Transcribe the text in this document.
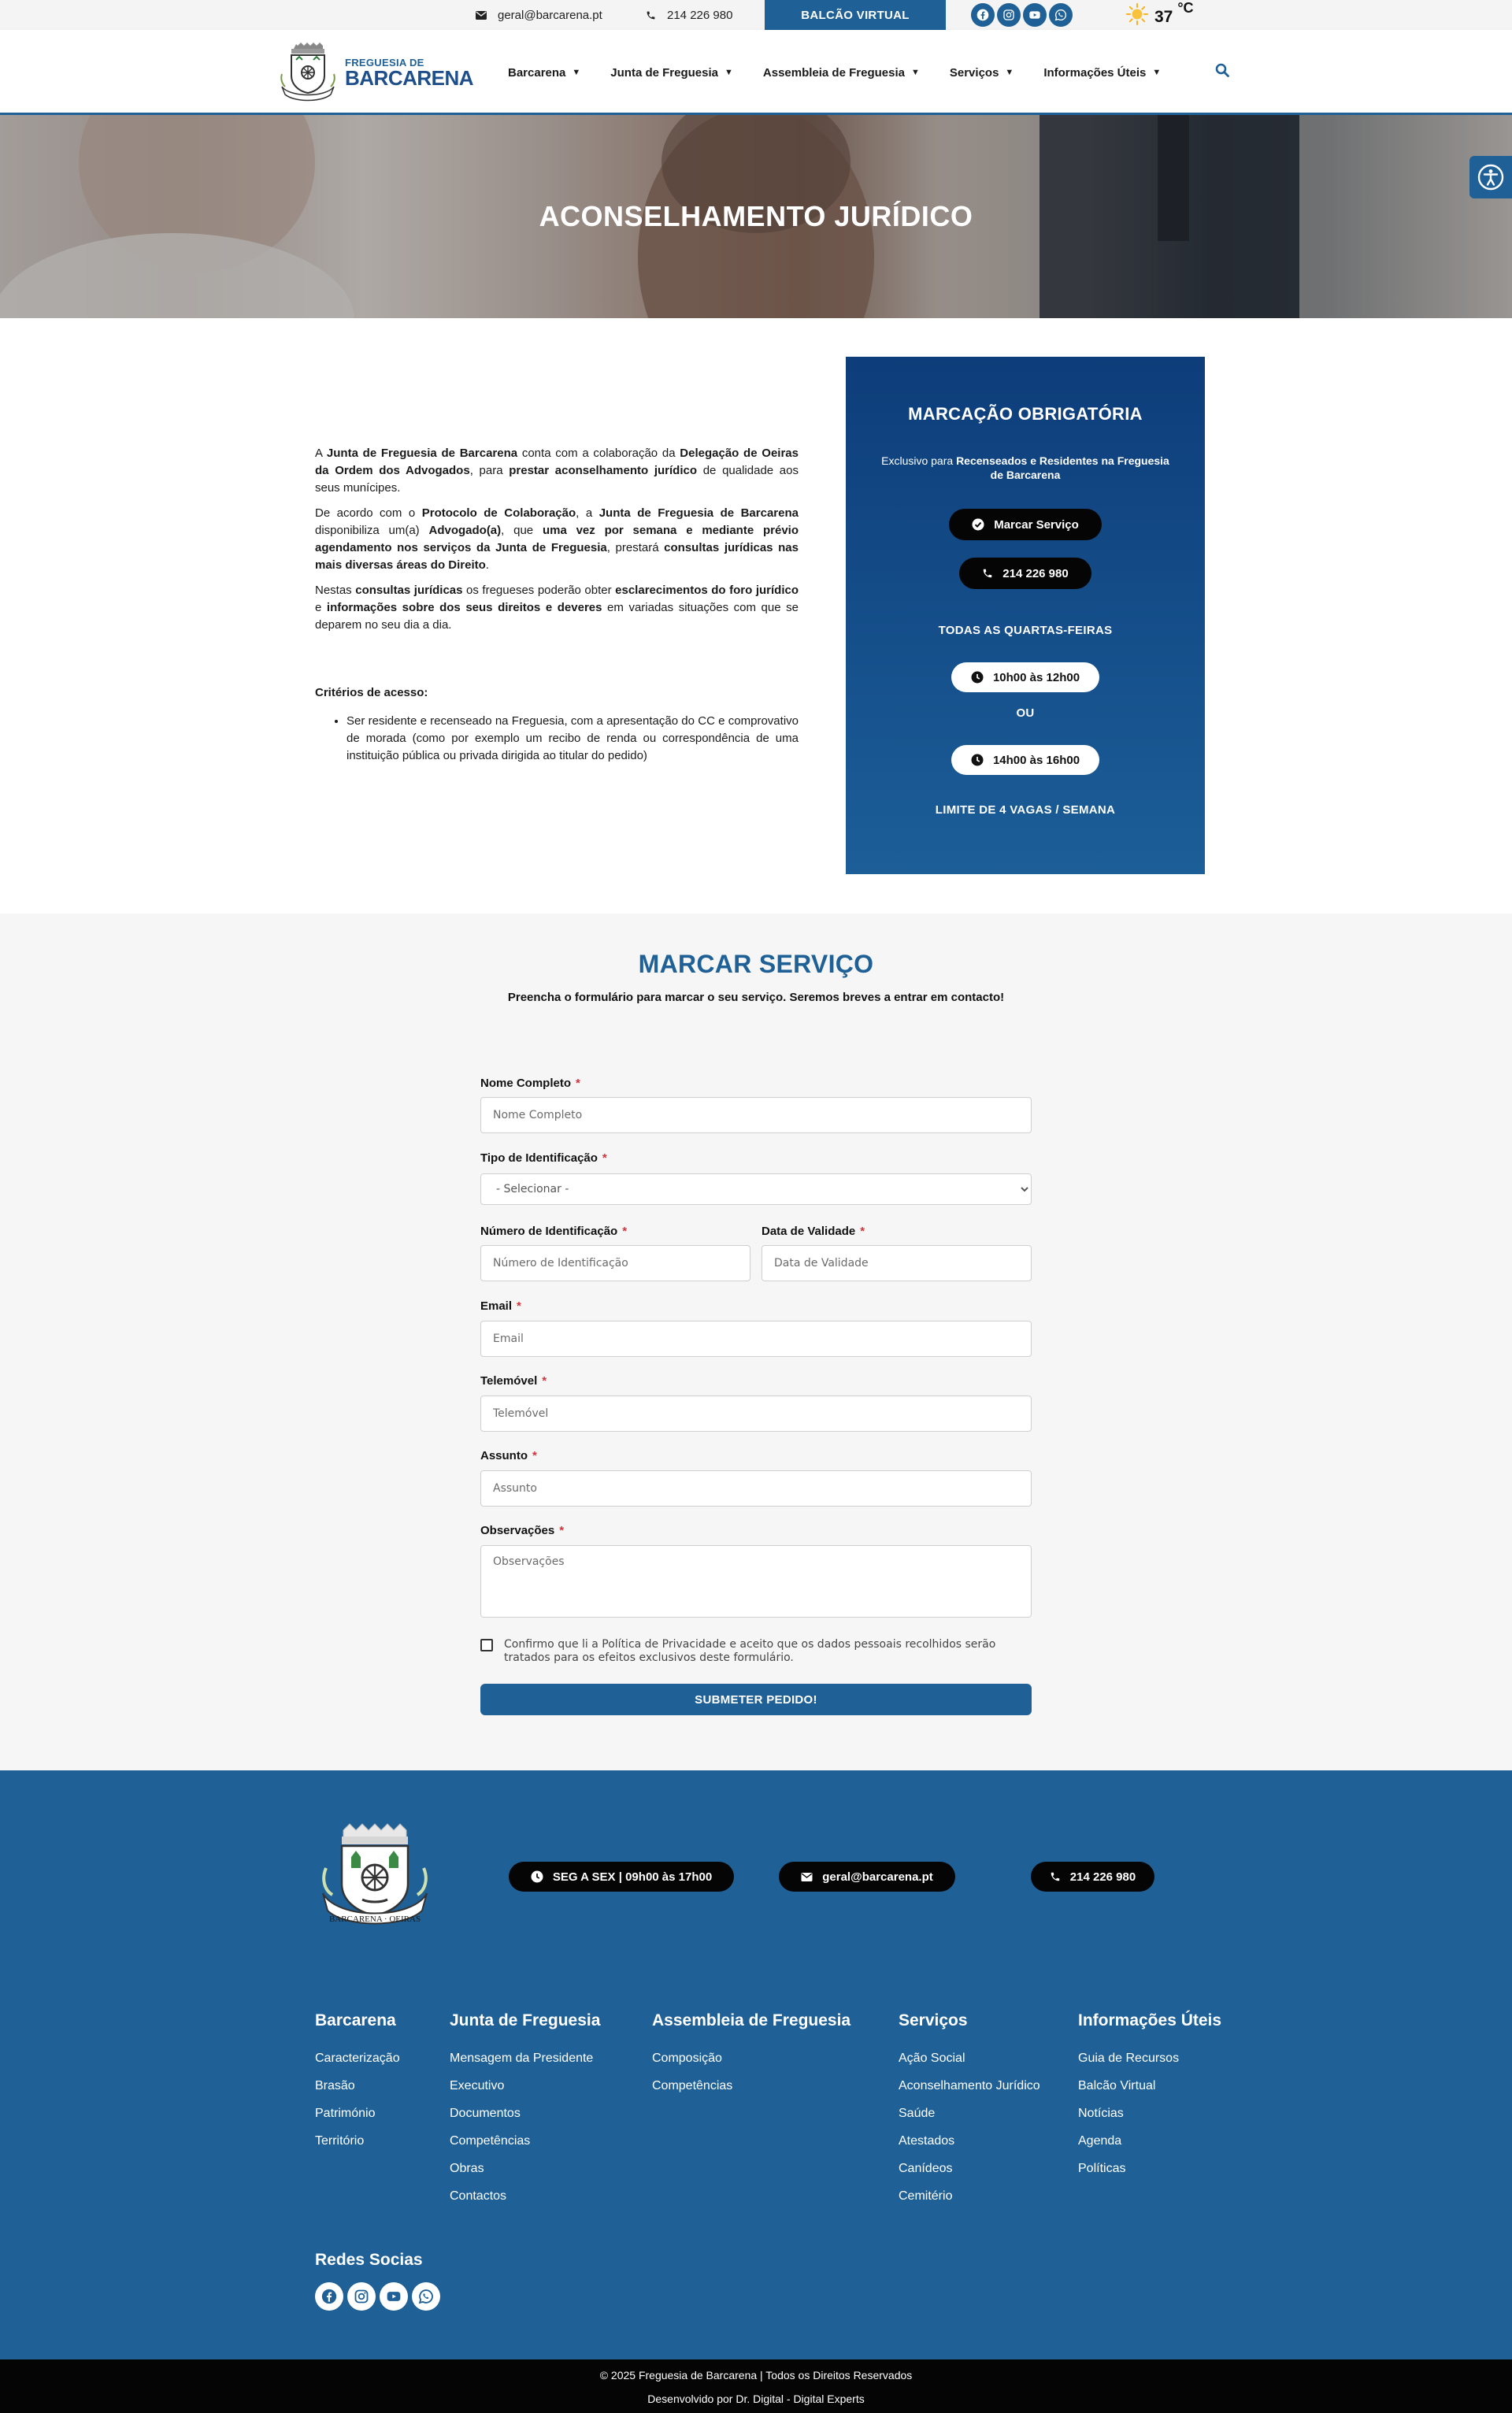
geral@barcarena.pt	214 226 980	BALCÃO VIRTUAL	37 °C
FREGUESIA DE
BARCARENA	Barcarena ▼	Junta de Freguesia ▼	Assembleia de Freguesia ▼	Serviços ▼	Informações Úteis ▼
ACONSELHAMENTO JURÍDICO

A Junta de Freguesia de Barcarena conta com a colaboração da Delegação de Oeiras da Ordem dos Advogados, para prestar aconselhamento jurídico de qualidade aos seus munícipes.

De acordo com o Protocolo de Colaboração, a Junta de Freguesia de Barcarena disponibiliza um(a) Advogado(a), que uma vez por semana e mediante prévio agendamento nos serviços da Junta de Freguesia, prestará consultas jurídicas nas mais diversas áreas do Direito.

Nestas consultas jurídicas os fregueses poderão obter esclarecimentos do foro jurídico e informações sobre dos seus direitos e deveres em variadas situações com que se deparem no seu dia a dia.

Critérios de acesso:
• Ser residente e recenseado na Freguesia, com a apresentação do CC e comprovativo de morada (como por exemplo um recibo de renda ou correspondência de uma instituição pública ou privada dirigida ao titular do pedido)
MARCAÇÃO OBRIGATÓRIA
Exclusivo para Recenseados e Residentes na Freguesia de Barcarena
Marcar Serviço
214 226 980
TODAS AS QUARTAS-FEIRAS
10h00 às 12h00
OU
14h00 às 16h00
LIMITE DE 4 VAGAS / SEMANA
MARCAR SERVIÇO
Preencha o formulário para marcar o seu serviço. Seremos breves a entrar em contacto!
Nome Completo *
Nome Completo
Tipo de Identificação *
- Selecionar -
Número de Identificação *
Número de Identificação	Data de Validade *
Data de Validade
Email *
Email
Telemóvel *
Telemóvel
Assunto *
Assunto
Observações *
Observações
Confirmo que li a Política de Privacidade e aceito que os dados pessoais recolhidos serão tratados para os efeitos exclusivos deste formulário.
SUBMETER PEDIDO!
BARCARENA · OEIRAS
SEG A SEX | 09h00 às 17h00	geral@barcarena.pt	214 226 980
Barcarena
Caracterização
Brasão
Património
Território
Junta de Freguesia
Mensagem da Presidente
Executivo
Documentos
Competências
Obras
Contactos
Assembleia de Freguesia
Composição
Competências
Serviços
Ação Social
Aconselhamento Jurídico
Saúde
Atestados
Canídeos
Cemitério
Informações Úteis
Guia de Recursos
Balcão Virtual
Notícias
Agenda
Políticas
Redes Socias
© 2025 Freguesia de Barcarena | Todos os Direitos Reservados
Desenvolvido por Dr. Digital - Digital Experts
